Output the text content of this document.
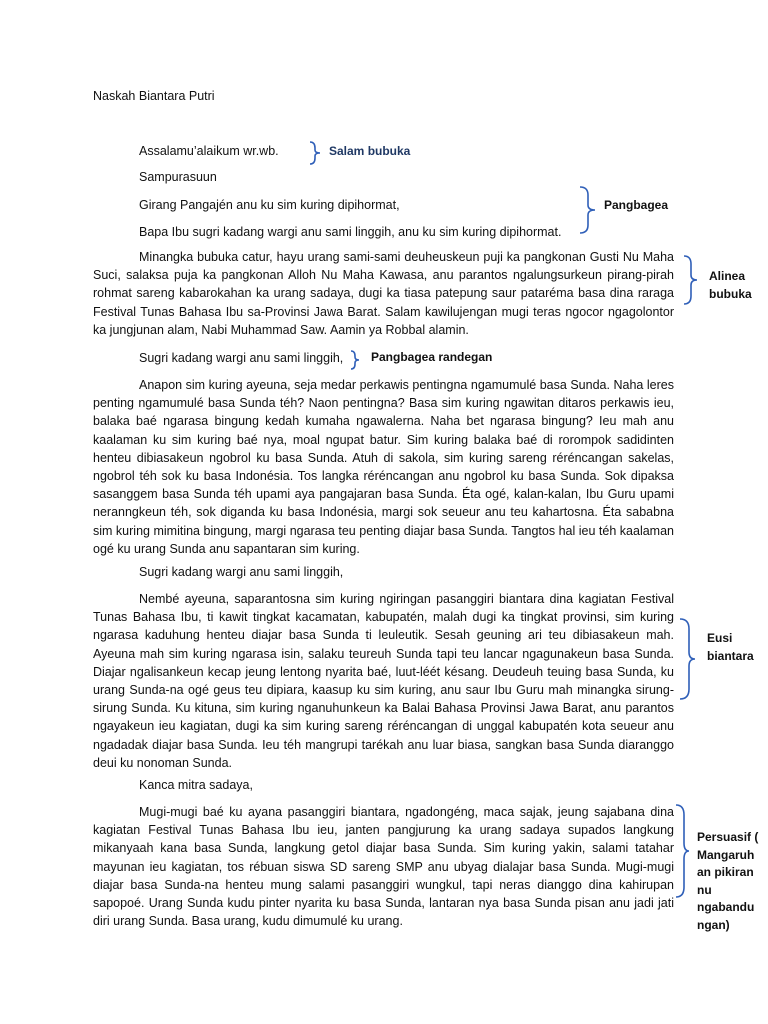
Naskah Biantara Putri
Assalamu’alaikum wr.wb.
Sampurasuun
Girang Pangajén anu ku sim kuring dipihormat,
Bapa Ibu sugri kadang wargi anu sami linggih, anu ku sim kuring dipihormat.

Minangka bubuka catur, hayu urang sami-sami deuheuskeun puji ka pangkonan Gusti Nu Maha Suci, salaksa puja ka pangkonan Alloh Nu Maha Kawasa, anu parantos ngalungsurkeun pirang-pirah rohmat sareng kabarokahan ka urang sadaya, dugi ka tiasa patepung saur pataréma basa dina raraga Festival Tunas Bahasa Ibu sa-Provinsi Jawa Barat. Salam kawilujengan mugi teras ngocor ngagolontor ka jungjunan alam, Nabi Muhammad Saw. Aamin ya Robbal alamin.

Sugri kadang wargi anu sami linggih,

Anapon sim kuring ayeuna, seja medar perkawis pentingna ngamumulé basa Sunda. Naha leres penting ngamumulé basa Sunda téh? Naon pentingna? Basa sim kuring ngawitan ditaros perkawis ieu, balaka baé ngarasa bingung kedah kumaha ngawalerna. Naha bet ngarasa bingung? Ieu mah anu kaalaman ku sim kuring baé nya, moal ngupat batur. Sim kuring balaka baé di rorompok sadidinten henteu dibiasakeun ngobrol ku basa Sunda. Atuh di sakola, sim kuring sareng réréncangan sakelas, ngobrol téh sok ku basa Indonésia. Tos langka réréncangan anu ngobrol ku basa Sunda. Sok dipaksa sasanggem basa Sunda téh upami aya pangajaran basa Sunda. Éta ogé, kalan-kalan, Ibu Guru upami neranngkeun téh, sok diganda ku basa Indonésia, margi sok seueur anu teu kahartosna. Éta sababna sim kuring mimitina bingung, margi ngarasa teu penting diajar basa Sunda. Tangtos hal ieu téh kaalaman ogé ku urang Sunda anu sapantaran sim kuring.

Sugri kadang wargi anu sami linggih,

Nembé ayeuna, saparantosna sim kuring ngiringan pasanggiri biantara dina kagiatan Festival Tunas Bahasa Ibu, ti kawit tingkat kacamatan, kabupatén, malah dugi ka tingkat provinsi, sim kuring ngarasa kaduhung henteu diajar basa Sunda ti leuleutik. Sesah geuning ari teu dibiasakeun mah. Ayeuna mah sim kuring ngarasa isin, salaku teureuh Sunda tapi teu lancar ngagunakeun basa Sunda. Diajar ngalisankeun kecap jeung lentong nyarita baé, luut-léét késang. Deudeuh teuing basa Sunda, ku urang Sunda-na ogé geus teu dipiara, kaasup ku sim kuring, anu saur Ibu Guru mah minangka sirung-sirung Sunda. Ku kituna, sim kuring nganuhunkeun ka Balai Bahasa Provinsi Jawa Barat, anu parantos ngayakeun ieu kagiatan, dugi ka sim kuring sareng réréncangan di unggal kabupatén kota seueur anu ngadadak diajar basa Sunda. Ieu téh mangrupi tarékah anu luar biasa, sangkan basa Sunda diaranggo deui ku nonoman Sunda.

Kanca mitra sadaya,

Mugi-mugi baé ku ayana pasanggiri biantara, ngadongéng, maca sajak, jeung sajabana dina kagiatan Festival Tunas Bahasa Ibu ieu, janten pangjurung ka urang sadaya supados langkung mikanyaah kana basa Sunda, langkung getol diajar basa Sunda. Sim kuring yakin, salami tatahar mayunan ieu kagiatan, tos rébuan siswa SD sareng SMP anu ubyag dialajar basa Sunda. Mugi-mugi diajar basa Sunda-na henteu mung salami pasanggiri wungkul, tapi neras dianggo dina kahirupan sapopoé. Urang Sunda kudu pinter nyarita ku basa Sunda, lantaran nya basa Sunda pisan anu jadi jati diri urang Sunda. Basa urang, kudu dimumulé ku urang.

Salam bubuka
Pangbagea
Alinea bubuka
Pangbagea randegan
Eusi biantara
Persuasif ( Mangaruh an pikiran nu ngabandu ngan)
